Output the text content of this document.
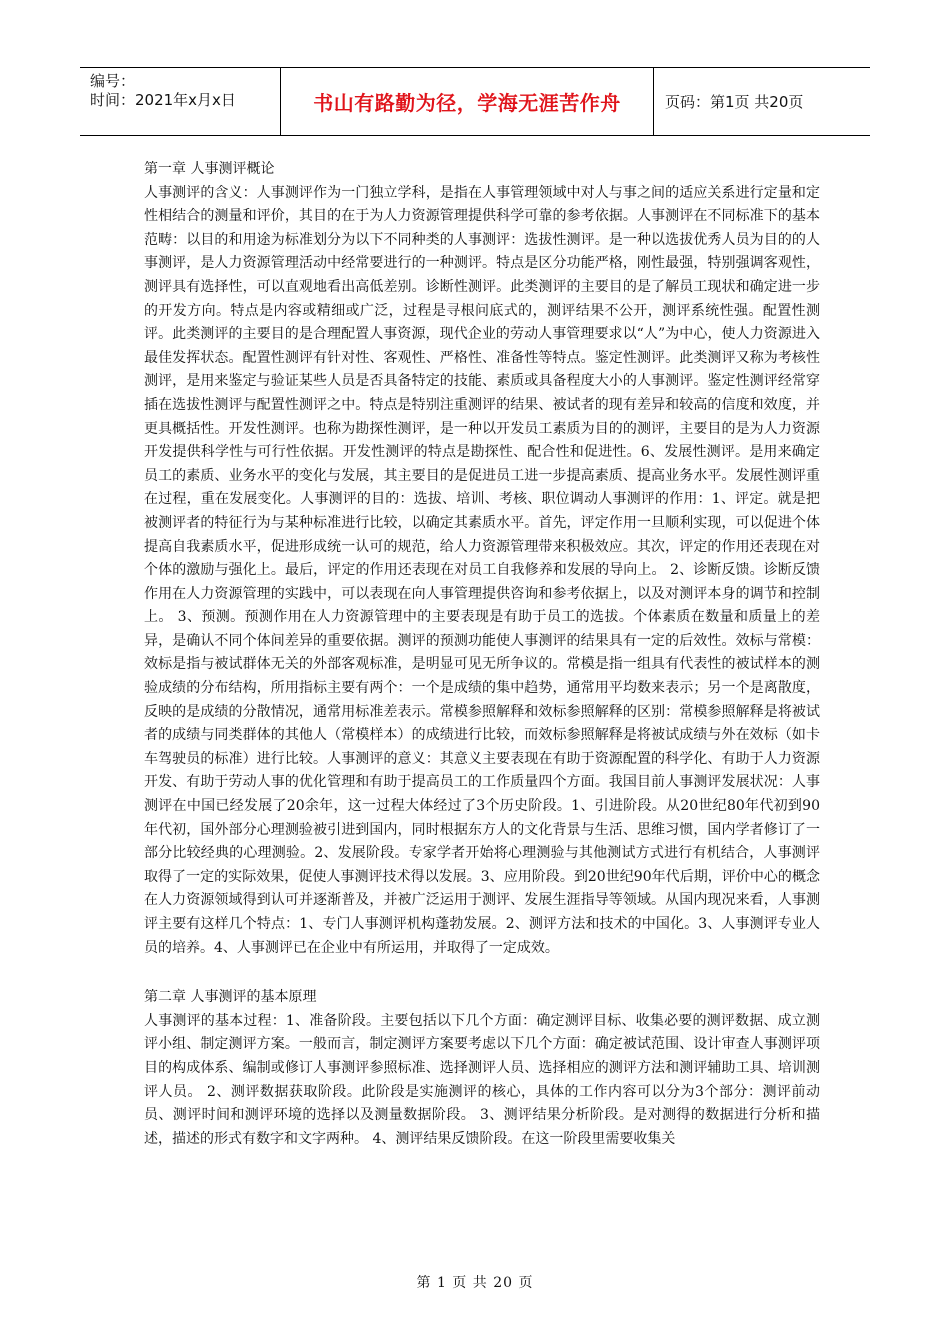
编号：
时间：2021年x月x日	书山有路勤为径，学海无涯苦作舟	页码：第1页 共20页

第一章 人事测评概论

人事测评的含义：人事测评作为一门独立学科，是指在人事管理领域中对人与事之间的适应关系进行定量和定性相结合的测量和评价，其目的在于为人力资源管理提供科学可靠的参考依据。人事测评在不同标准下的基本范畴：以目的和用途为标准划分为以下不同种类的人事测评：选拔性测评。是一种以选拔优秀人员为目的的人事测评，是人力资源管理活动中经常要进行的一种测评。特点是区分功能严格，刚性最强，特别强调客观性，测评具有选择性，可以直观地看出高低差别。诊断性测评。此类测评的主要目的是了解员工现状和确定进一步的开发方向。特点是内容或精细或广泛，过程是寻根问底式的，测评结果不公开，测评系统性强。配置性测评。此类测评的主要目的是合理配置人事资源，现代企业的劳动人事管理要求以“人”为中心，使人力资源进入最佳发挥状态。配置性测评有针对性、客观性、严格性、准备性等特点。鉴定性测评。此类测评又称为考核性测评，是用来鉴定与验证某些人员是否具备特定的技能、素质或具备程度大小的人事测评。鉴定性测评经常穿插在选拔性测评与配置性测评之中。特点是特别注重测评的结果、被试者的现有差异和较高的信度和效度，并更具概括性。开发性测评。也称为勘探性测评，是一种以开发员工素质为目的的测评，主要目的是为人力资源开发提供科学性与可行性依据。开发性测评的特点是勘探性、配合性和促进性。6、发展性测评。是用来确定员工的素质、业务水平的变化与发展，其主要目的是促进员工进一步提高素质、提高业务水平。发展性测评重在过程，重在发展变化。人事测评的目的：选拔、培训、考核、职位调动人事测评的作用：1、评定。就是把被测评者的特征行为与某种标准进行比较，以确定其素质水平。首先，评定作用一旦顺利实现，可以促进个体提高自我素质水平，促进形成统一认可的规范，给人力资源管理带来积极效应。其次，评定的作用还表现在对个体的激励与强化上。最后，评定的作用还表现在对员工自我修养和发展的导向上。 2、诊断反馈。诊断反馈作用在人力资源管理的实践中，可以表现在向人事管理提供咨询和参考依据上，以及对测评本身的调节和控制上。 3、预测。预测作用在人力资源管理中的主要表现是有助于员工的选拔。个体素质在数量和质量上的差异，是确认不同个体间差异的重要依据。测评的预测功能使人事测评的结果具有一定的后效性。效标与常模：效标是指与被试群体无关的外部客观标准，是明显可见无所争议的。常模是指一组具有代表性的被试样本的测验成绩的分布结构，所用指标主要有两个：一个是成绩的集中趋势，通常用平均数来表示；另一个是离散度，反映的是成绩的分散情况，通常用标准差表示。常模参照解释和效标参照解释的区别：常模参照解释是将被试者的成绩与同类群体的其他人（常模样本）的成绩进行比较，而效标参照解释是将被试成绩与外在效标（如卡车驾驶员的标准）进行比较。人事测评的意义：其意义主要表现在有助于资源配置的科学化、有助于人力资源开发、有助于劳动人事的优化管理和有助于提高员工的工作质量四个方面。我国目前人事测评发展状况：人事测评在中国已经发展了20余年，这一过程大体经过了3个历史阶段。1、引进阶段。从20世纪80年代初到90年代初，国外部分心理测验被引进到国内，同时根据东方人的文化背景与生活、思维习惯，国内学者修订了一部分比较经典的心理测验。2、发展阶段。专家学者开始将心理测验与其他测试方式进行有机结合，人事测评取得了一定的实际效果，促使人事测评技术得以发展。3、应用阶段。到20世纪90年代后期，评价中心的概念在人力资源领域得到认可并逐渐普及，并被广泛运用于测评、发展生涯指导等领域。从国内现况来看，人事测评主要有这样几个特点：1、专门人事测评机构蓬勃发展。2、测评方法和技术的中国化。3、人事测评专业人员的培养。4、人事测评已在企业中有所运用，并取得了一定成效。

第二章 人事测评的基本原理

人事测评的基本过程：1、准备阶段。主要包括以下几个方面：确定测评目标、收集必要的测评数据、成立测评小组、制定测评方案。一般而言，制定测评方案要考虑以下几个方面：确定被试范围、设计审查人事测评项目的构成体系、编制或修订人事测评参照标准、选择测评人员、选择相应的测评方法和测评辅助工具、培训测评人员。 2、测评数据获取阶段。此阶段是实施测评的核心，具体的工作内容可以分为3个部分：测评前动员、测评时间和测评环境的选择以及测量数据阶段。 3、测评结果分析阶段。是对测得的数据进行分析和描述，描述的形式有数字和文字两种。 4、测评结果反馈阶段。在这一阶段里需要收集关

第 1 页 共 20 页
